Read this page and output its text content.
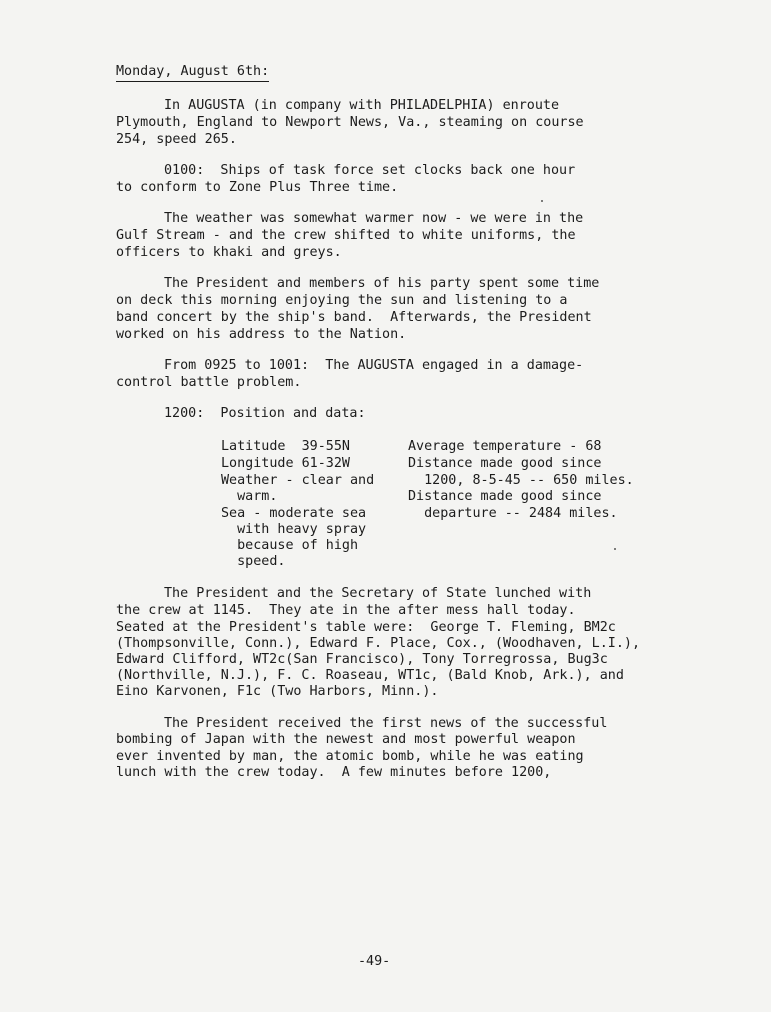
Monday, August 6th:
In AUGUSTA (in company with PHILADELPHIA) enroute
Plymouth, England to Newport News, Va., steaming on course
254, speed 265.
0100:  Ships of task force set clocks back one hour
to conform to Zone Plus Three time.
The weather was somewhat warmer now - we were in the
Gulf Stream - and the crew shifted to white uniforms, the
officers to khaki and greys.
The President and members of his party spent some time
on deck this morning enjoying the sun and listening to a
band concert by the ship's band.  Afterwards, the President
worked on his address to the Nation.
From 0925 to 1001:  The AUGUSTA engaged in a damage-
control battle problem.
1200:  Position and data:
Latitude  39-55N
Longitude 61-32W
Weather - clear and
warm.
Sea - moderate sea
with heavy spray
because of high
speed.
Average temperature - 68
Distance made good since
1200, 8-5-45 -- 650 miles.
Distance made good since
departure -- 2484 miles.
The President and the Secretary of State lunched with
the crew at 1145.  They ate in the after mess hall today.
Seated at the President's table were:  George T. Fleming, BM2c
(Thompsonville, Conn.), Edward F. Place, Cox., (Woodhaven, L.I.),
Edward Clifford, WT2c(San Francisco), Tony Torregrossa, Bug3c
(Northville, N.J.), F. C. Roaseau, WT1c, (Bald Knob, Ark.), and
Eino Karvonen, F1c (Two Harbors, Minn.).
The President received the first news of the successful
bombing of Japan with the newest and most powerful weapon
ever invented by man, the atomic bomb, while he was eating
lunch with the crew today.  A few minutes before 1200,
-49-
